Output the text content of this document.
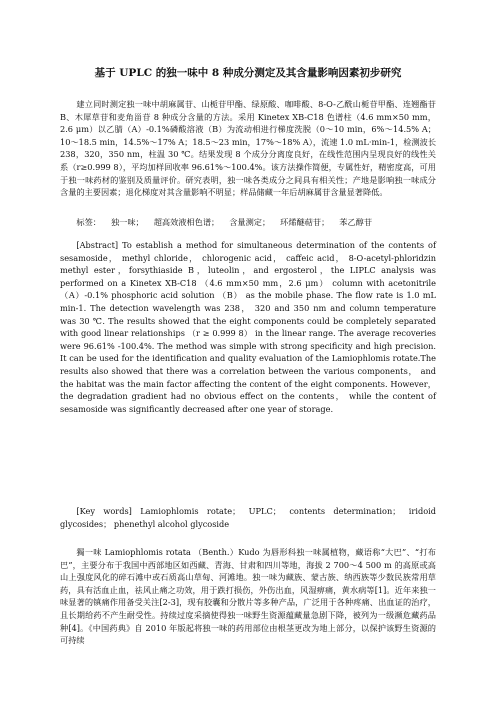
基于 UPLC 的独一味中 8 种成分测定及其含量影响因素初步研究

建立同时测定独一味中胡麻属苷、山栀苷甲酯、绿原酸、咖啡酸、8-O-乙酰山栀苷甲酯、连翘酯苷 B、木犀草苷和麦角甾苷 8 种成分含量的方法。采用 Kinetex XB-C18 色谱柱（4.6 mm×50 mm，2.6 μm）以乙腈（A）-0.1%磷酸溶液（B）为流动相进行梯度洗脱（0～10 min，6%～14.5% A；10～18.5 min，14.5%～17% A；18.5～23 min，17%～18% A），流速 1.0 mL·min-1，检测波长 238，320，350 nm，柱温 30 ℃。结果发现 8 个成分分离度良好，在线性范围内呈现良好的线性关系（r≥0.999 8），平均加样回收率 96.61%～100.4%。该方法操作简便，专属性好，精密度高，可用于独一味药材的鉴别及质量评价。研究表明，独一味各类成分之间具有相关性；产地是影响独一味成分含量的主要因素；退化梯度对其含量影响不明显；样品储藏一年后胡麻属苷含量显著降低。

标签： 独一味； 超高效液相色谱； 含量测定； 环烯醚萜苷； 苯乙醇苷

[Abstract] To establish a method for simultaneous determination of the contents of sesamoside， methyl chloride， chlorogenic acid， caffeic acid， 8-O-acetyl-phloridzin methyl ester，forsythiaside B，luteolin，and ergosterol，the LIPLC analysis was performed on a Kinetex XB-C18 （4.6 mm×50 mm，2.6 μm） column with acetonitrile （A）-0.1% phosphoric acid solution （B） as the mobile phase. The flow rate is 1.0 mL min-1. The detection wavelength was 238， 320 and 350 nm and column temperature was 30 ℃. The results showed that the eight components could be completely separated with good linear relationships （r ≥ 0.999 8） in the linear range. The average recoveries were 96.61% -100.4%. The method was simple with strong specificity and high precision. It can be used for the identification and quality evaluation of the Lamiophlomis rotate.The results also showed that there was a correlation between the various components， and the habitat was the main factor affecting the content of the eight components. However， the degradation gradient had no obvious effect on the contents， while the content of sesamoside was significantly decreased after one year of storage.

[Key words] Lamiophlomis rotate； UPLC； contents determination； iridoid glycosides； phenethyl alcohol glycoside

獨一味 Lamiophlomis rotata （Benth.）Kudo 为唇形科独一味属植物，藏语称“大巴”、“打布巴”，主要分布于我国中西部地区如西藏、青海、甘肃和四川等地，海拔 2 700～4 500 m 的高原或高山上强度风化的碎石滩中或石质高山草甸、河滩地。独一味为藏族、蒙古族、纳西族等少数民族常用草药，具有活血止血，祛风止痛之功效，用于跌打损伤，外伤出血，风湿痹痛，黄水病等[1]。近年来独一味显著的镇痛作用备受关注[2-3]，现有胶囊和分散片等多种产品，广泛用于各种疼痛、出血证的治疗，且长期给药不产生耐受性。持续过度采摘使得独一味野生资源蕴藏量急剧下降，被列为一级濒危藏药品种[4]。《中国药典》自 2010 年版起将独一味的药用部位由根茎更改为地上部分，以保护该野生资源的可持续
